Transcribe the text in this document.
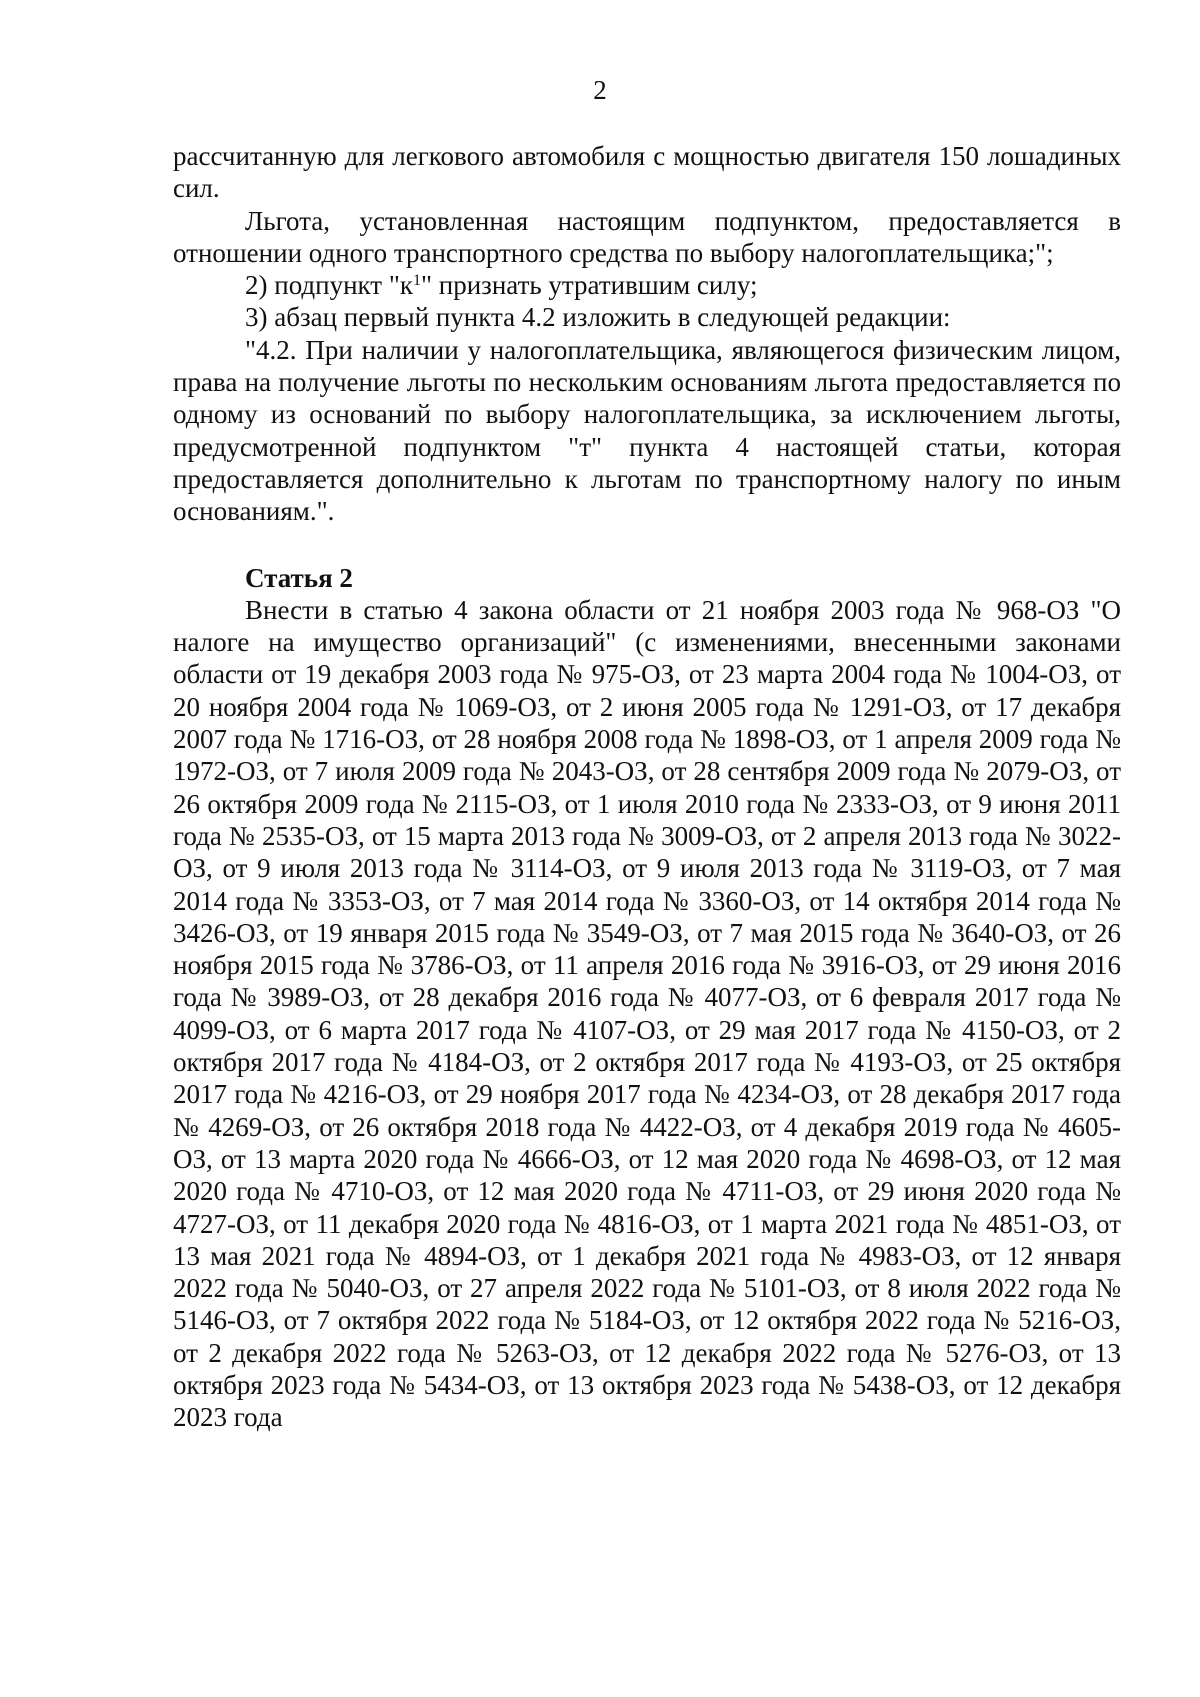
2

рассчитанную для легкового автомобиля с мощностью двигателя 150 лошадиных сил.

Льгота, установленная настоящим подпунктом, предоставляется в отношении одного транспортного средства по выбору налогоплательщика;";

2) подпункт "$к^1$" признать утратившим силу;

3) абзац первый пункта 4.2 изложить в следующей редакции:

"4.2. При наличии у налогоплательщика, являющегося физическим лицом, права на получение льготы по нескольким основаниям льгота предоставляется по одному из оснований по выбору налогоплательщика, за исключением льготы, предусмотренной подпунктом "т" пункта 4 настоящей статьи, которая предоставляется дополнительно к льготам по транспортному налогу по иным основаниям.".

Статья 2

Внести в статью 4 закона области от 21 ноября 2003 года № 968-ОЗ "О налоге на имущество организаций" (с изменениями, внесенными законами области от 19 декабря 2003 года № 975-ОЗ, от 23 марта 2004 года № 1004-ОЗ, от 20 ноября 2004 года № 1069-ОЗ, от 2 июня 2005 года № 1291-ОЗ, от 17 декабря 2007 года № 1716-ОЗ, от 28 ноября 2008 года № 1898-ОЗ, от 1 апреля 2009 года № 1972-ОЗ, от 7 июля 2009 года № 2043-ОЗ, от 28 сентября 2009 года № 2079-ОЗ, от 26 октября 2009 года № 2115-ОЗ, от 1 июля 2010 года № 2333-ОЗ, от 9 июня 2011 года № 2535-ОЗ, от 15 марта 2013 года № 3009-ОЗ, от 2 апреля 2013 года № 3022-ОЗ, от 9 июля 2013 года № 3114-ОЗ, от 9 июля 2013 года № 3119-ОЗ, от 7 мая 2014 года № 3353-ОЗ, от 7 мая 2014 года № 3360-ОЗ, от 14 октября 2014 года № 3426-ОЗ, от 19 января 2015 года № 3549-ОЗ, от 7 мая 2015 года № 3640-ОЗ, от 26 ноября 2015 года № 3786-ОЗ, от 11 апреля 2016 года № 3916-ОЗ, от 29 июня 2016 года № 3989-ОЗ, от 28 декабря 2016 года № 4077-ОЗ, от 6 февраля 2017 года № 4099-ОЗ, от 6 марта 2017 года № 4107-ОЗ, от 29 мая 2017 года № 4150-ОЗ, от 2 октября 2017 года № 4184-ОЗ, от 2 октября 2017 года № 4193-ОЗ, от 25 октября 2017 года № 4216-ОЗ, от 29 ноября 2017 года № 4234-ОЗ, от 28 декабря 2017 года № 4269-ОЗ, от 26 октября 2018 года № 4422-ОЗ, от 4 декабря 2019 года № 4605-ОЗ, от 13 марта 2020 года № 4666-ОЗ, от 12 мая 2020 года № 4698-ОЗ, от 12 мая 2020 года № 4710-ОЗ, от 12 мая 2020 года № 4711-ОЗ, от 29 июня 2020 года № 4727-ОЗ, от 11 декабря 2020 года № 4816-ОЗ, от 1 марта 2021 года № 4851-ОЗ, от 13 мая 2021 года № 4894-ОЗ, от 1 декабря 2021 года № 4983-ОЗ, от 12 января 2022 года № 5040-ОЗ, от 27 апреля 2022 года № 5101-ОЗ, от 8 июля 2022 года № 5146-ОЗ, от 7 октября 2022 года № 5184-ОЗ, от 12 октября 2022 года № 5216-ОЗ, от 2 декабря 2022 года № 5263-ОЗ, от 12 декабря 2022 года № 5276-ОЗ, от 13 октября 2023 года № 5434-ОЗ, от 13 октября 2023 года № 5438-ОЗ, от 12 декабря 2023 года
